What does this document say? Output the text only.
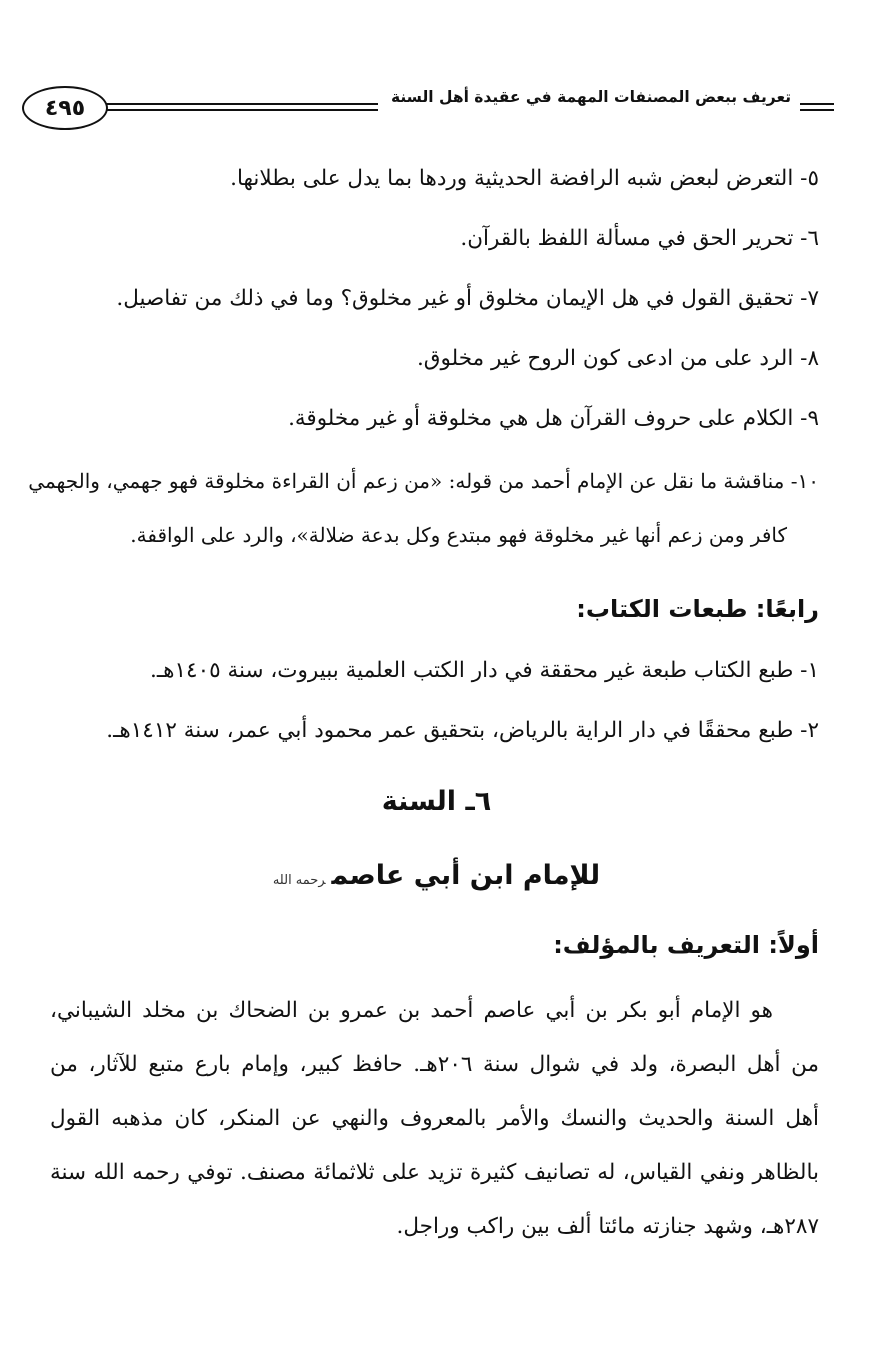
٤٩٥	تعريف ببعض المصنفات المهمة في عقيدة أهل السنة
٥- التعرض لبعض شبه الرافضة الحديثية وردها بما يدل على بطلانها.
٦- تحرير الحق في مسألة اللفظ بالقرآن.
٧- تحقيق القول في هل الإيمان مخلوق أو غير مخلوق؟ وما في ذلك من تفاصيل.
٨- الرد على من ادعى كون الروح غير مخلوق.
٩- الكلام على حروف القرآن هل هي مخلوقة أو غير مخلوقة.
١٠- مناقشة ما نقل عن الإمام أحمد من قوله: «من زعم أن القراءة مخلوقة فهو جهمي، والجهمي
كافر ومن زعم أنها غير مخلوقة فهو مبتدع وكل بدعة ضلالة»، والرد على الواقفة.
رابعًا: طبعات الكتاب:
١- طبع الكتاب طبعة غير محققة في دار الكتب العلمية ببيروت، سنة ١٤٠٥هـ.
٢- طبع محققًا في دار الراية بالرياض، بتحقيق عمر محمود أبي عمر، سنة ١٤١٢هـ.
٦ـ السنة
للإمام ابن أبي عاصمرحمه الله
أولاً: التعريف بالمؤلف:
هو الإمام أبو بكر بن أبي عاصم أحمد بن عمرو بن الضحاك بن مخلد الشيباني،
من أهل البصرة، ولد في شوال سنة ٢٠٦هـ. حافظ كبير، وإمام بارع متبع للآثار، من
أهل السنة والحديث والنسك والأمر بالمعروف والنهي عن المنكر، كان مذهبه القول
بالظاهر ونفي القياس، له تصانيف كثيرة تزيد على ثلاثمائة مصنف. توفي رحمه الله سنة
٢٨٧هـ، وشهد جنازته مائتا ألف بين راكب وراجل.
